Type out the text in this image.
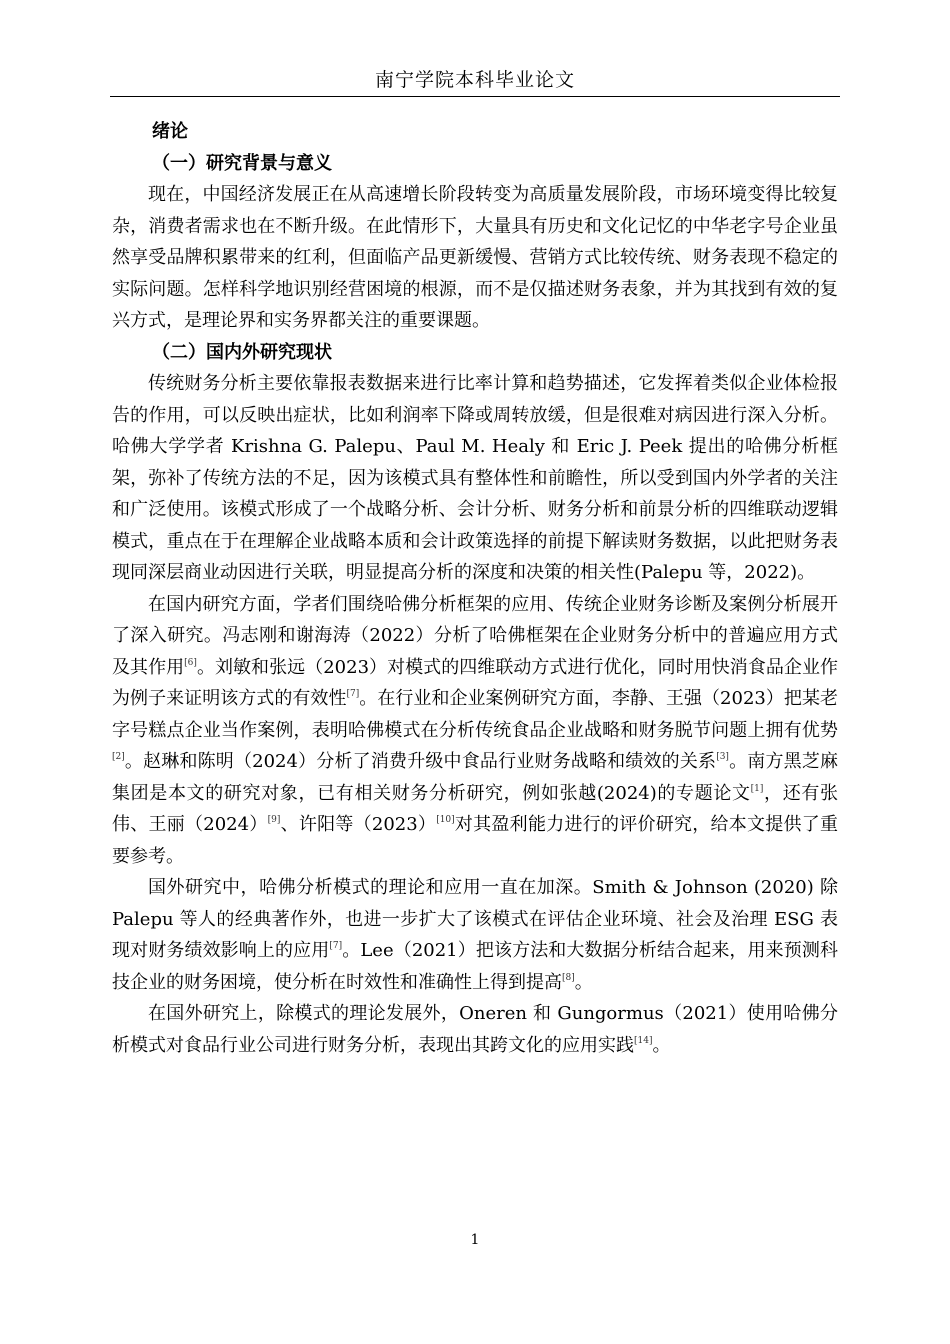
南宁学院本科毕业论文
绪论
（一）研究背景与意义

现在，中国经济发展正在从高速增长阶段转变为高质量发展阶段，市场环境变得比较复杂，消费者需求也在不断升级。在此情形下，大量具有历史和文化记忆的中华老字号企业虽然享受品牌积累带来的红利，但面临产品更新缓慢、营销方式比较传统、财务表现不稳定的实际问题。怎样科学地识别经营困境的根源，而不是仅描述财务表象，并为其找到有效的复兴方式，是理论界和实务界都关注的重要课题。

（二）国内外研究现状

传统财务分析主要依靠报表数据来进行比率计算和趋势描述，它发挥着类似企业体检报告的作用，可以反映出症状，比如利润率下降或周转放缓，但是很难对病因进行深入分析。哈佛大学学者 Krishna G. Palepu、Paul M. Healy 和 Eric J. Peek 提出的哈佛分析框架，弥补了传统方法的不足，因为该模式具有整体性和前瞻性，所以受到国内外学者的关注和广泛使用。该模式形成了一个战略分析、会计分析、财务分析和前景分析的四维联动逻辑模式，重点在于在理解企业战略本质和会计政策选择的前提下解读财务数据，以此把财务表现同深层商业动因进行关联，明显提高分析的深度和决策的相关性(Palepu 等，2022)。

在国内研究方面，学者们围绕哈佛分析框架的应用、传统企业财务诊断及案例分析展开了深入研究。冯志刚和谢海涛（2022）分析了哈佛框架在企业财务分析中的普遍应用方式及其作用[6]。刘敏和张远（2023）对模式的四维联动方式进行优化，同时用快消食品企业作为例子来证明该方式的有效性[7]。在行业和企业案例研究方面，李静、王强（2023）把某老字号糕点企业当作案例，表明哈佛模式在分析传统食品企业战略和财务脱节问题上拥有优势[2]。赵琳和陈明（2024）分析了消费升级中食品行业财务战略和绩效的关系[3]。南方黑芝麻集团是本文的研究对象，已有相关财务分析研究，例如张越(2024)的专题论文[1]，还有张伟、王丽（2024）[9]、许阳等（2023）[10]对其盈利能力进行的评价研究，给本文提供了重要参考。

国外研究中，哈佛分析模式的理论和应用一直在加深。Smith & Johnson (2020) 除 Palepu 等人的经典著作外，也进一步扩大了该模式在评估企业环境、社会及治理 ESG 表现对财务绩效影响上的应用[7]。Lee（2021）把该方法和大数据分析结合起来，用来预测科技企业的财务困境，使分析在时效性和准确性上得到提高[8]。

在国外研究上，除模式的理论发展外，Oneren 和 Gungormus（2021）使用哈佛分析模式对食品行业公司进行财务分析，表现出其跨文化的应用实践[14]。

1
